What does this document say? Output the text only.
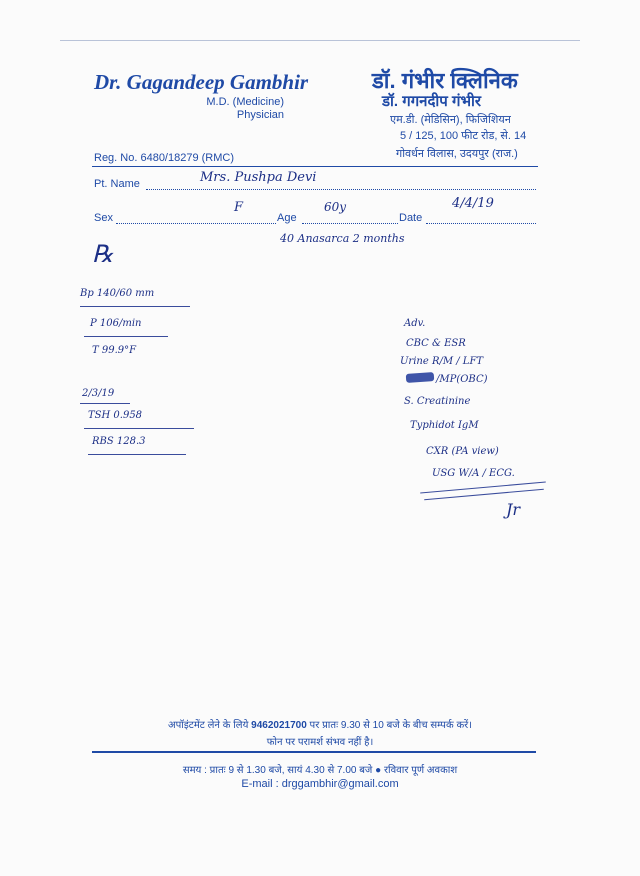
Dr. Gagandeep Gambhir
M.D. (Medicine)
Physician
डॉ. गंभीर क्लिनिक
डॉ. गगनदीप गंभीर
एम.डी. (मेडिसिन), फिजिशियन
5 / 125, 100 फीट रोड, से. 14
गोवर्धन विलास, उदयपुर (राज.)
Reg. No. 6480/18279 (RMC)
Pt. Name	Mrs. Pushpa Devi
Sex
F
Age
60y
Date
4/4/19
40 Anasarca 2 months
℞
Bp 140/60 mm
P 106/min
T 99.9°F
2/3/19
TSH 0.958
RBS 128.3
Adv.
CBC & ESR
Urine R/M / LFT
/MP(OBC)
S. Creatinine
Typhidot IgM
CXR (PA view)
USG W/A / ECG.
Jr
अपॉइंटमेंट लेने के लिये 9462021700 पर प्रातः 9.30 से 10 बजे के बीच सम्पर्क करें।
फोन पर परामर्श संभव नहीं है।
समय : प्रातः 9 से 1.30 बजे, सायं 4.30 से 7.00 बजे ● रविवार पूर्ण अवकाश
E-mail : drggambhir@gmail.com
